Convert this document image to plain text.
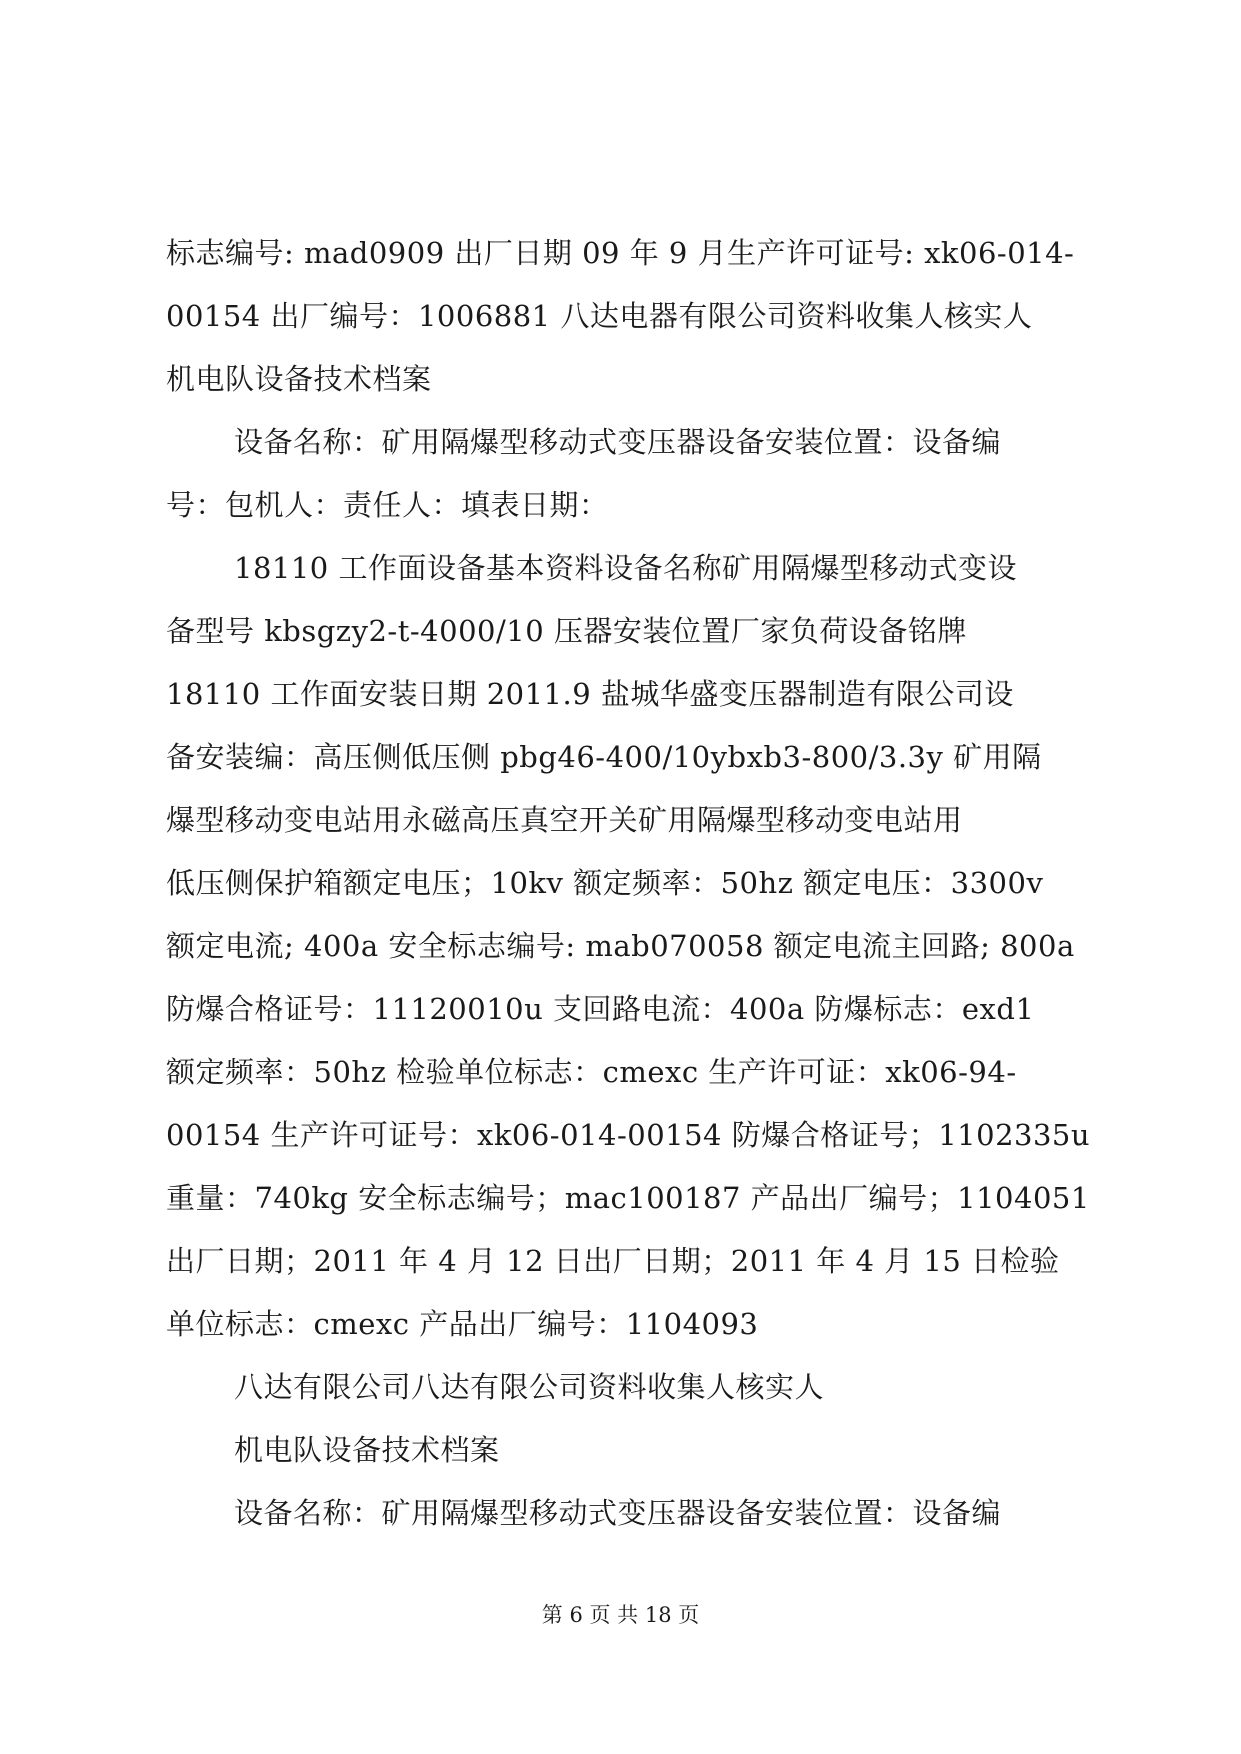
标志编号: mad0909 出厂日期 09 年 9 月生产许可证号: xk06-014-
00154 出厂编号：1006881 八达电器有限公司资料收集人核实人
机电队设备技术档案
设备名称：矿用隔爆型移动式变压器设备安装位置：设备编
号：包机人：责任人：填表日期：
18110 工作面设备基本资料设备名称矿用隔爆型移动式变设
备型号 kbsgzy2-t-4000/10 压器安装位置厂家负荷设备铭牌
18110 工作面安装日期 2011.9 盐城华盛变压器制造有限公司设
备安装编：高压侧低压侧 pbg46-400/10ybxb3-800/3.3y 矿用隔
爆型移动变电站用永磁高压真空开关矿用隔爆型移动变电站用
低压侧保护箱额定电压；10kv 额定频率：50hz 额定电压：3300v
额定电流; 400a 安全标志编号: mab070058 额定电流主回路; 800a
防爆合格证号：11120010u 支回路电流：400a 防爆标志：exd1
额定频率：50hz 检验单位标志：cmexc 生产许可证：xk06-94-
00154 生产许可证号：xk06-014-00154 防爆合格证号；1102335u
重量：740kg 安全标志编号；mac100187 产品出厂编号；1104051
出厂日期；2011 年 4 月 12 日出厂日期；2011 年 4 月 15 日检验
单位标志：cmexc 产品出厂编号：1104093
八达有限公司八达有限公司资料收集人核实人
机电队设备技术档案
设备名称：矿用隔爆型移动式变压器设备安装位置：设备编
第 6 页 共 18 页
